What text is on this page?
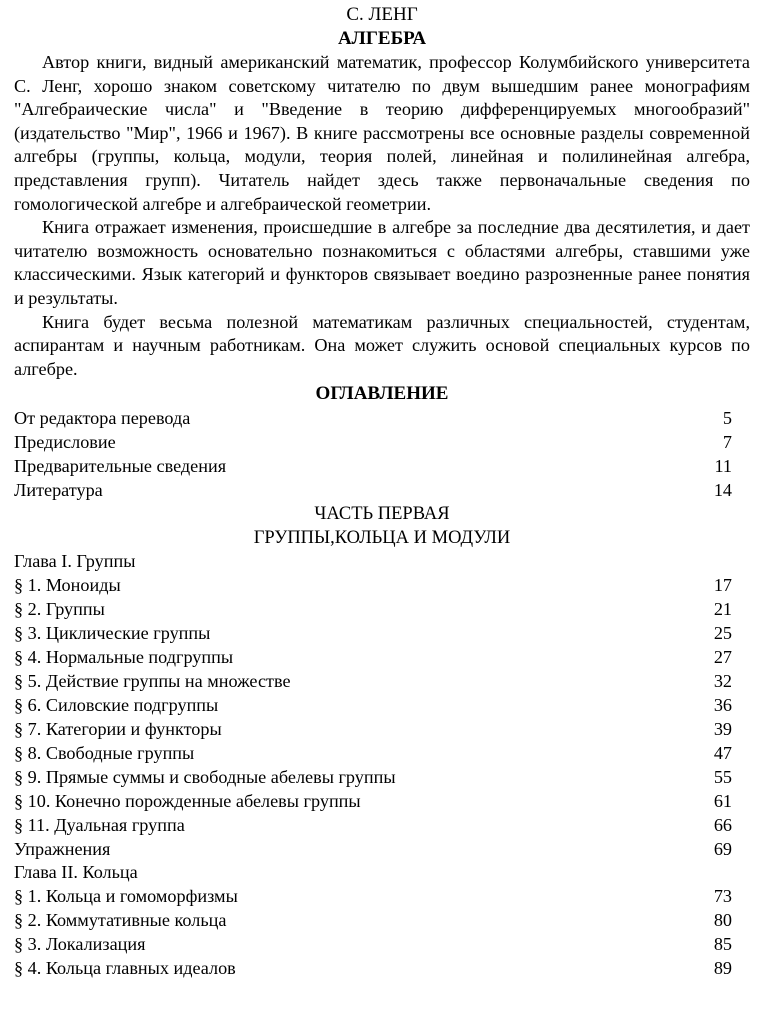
С. ЛЕНГ
АЛГЕБРА

Автор книги, видный американский математик, профессор Колумбийского университета С. Ленг, хорошо знаком советскому читателю по двум вышедшим ранее монографиям "Алгебраические числа" и "Введение в теорию дифференцируемых многообразий" (издательство "Мир", 1966 и 1967). В книге рассмотрены все основные разделы современной алгебры (группы, кольца, модули, теория полей, линейная и полилинейная алгебра, представления групп). Читатель найдет здесь также первоначальные сведения по гомологической алгебре и алгебраической геометрии.

Книга отражает изменения, происшедшие в алгебре за последние два десятилетия, и дает читателю возможность основательно познакомиться с областями алгебры, ставшими уже классическими. Язык категорий и функторов связывает воедино разрозненные ранее понятия и результаты.

Книга будет весьма полезной математикам различных специальностей, студентам, аспирантам и научным работникам. Она может служить основой специальных курсов по алгебре.

ОГЛАВЛЕНИЕ
От редактора перевода	5
Предисловие	7
Предварительные сведения	11
Литература	14
ЧАСТЬ ПЕРВАЯ
ГРУППЫ,КОЛЬЦА И МОДУЛИ
Глава I. Группы
§ 1. Моноиды	17
§ 2. Группы	21
§ 3. Циклические группы	25
§ 4. Нормальные подгруппы	27
§ 5. Действие группы на множестве	32
§ 6. Силовские подгруппы	36
§ 7. Категории и функторы	39
§ 8. Свободные группы	47
§ 9. Прямые суммы и свободные абелевы группы	55
§ 10. Конечно порожденные абелевы группы	61
§ 11. Дуальная группа	66
Упражнения	69
Глава II. Кольца
§ 1. Кольца и гомоморфизмы	73
§ 2. Коммутативные кольца	80
§ 3. Локализация	85
§ 4. Кольца главных идеалов	89
